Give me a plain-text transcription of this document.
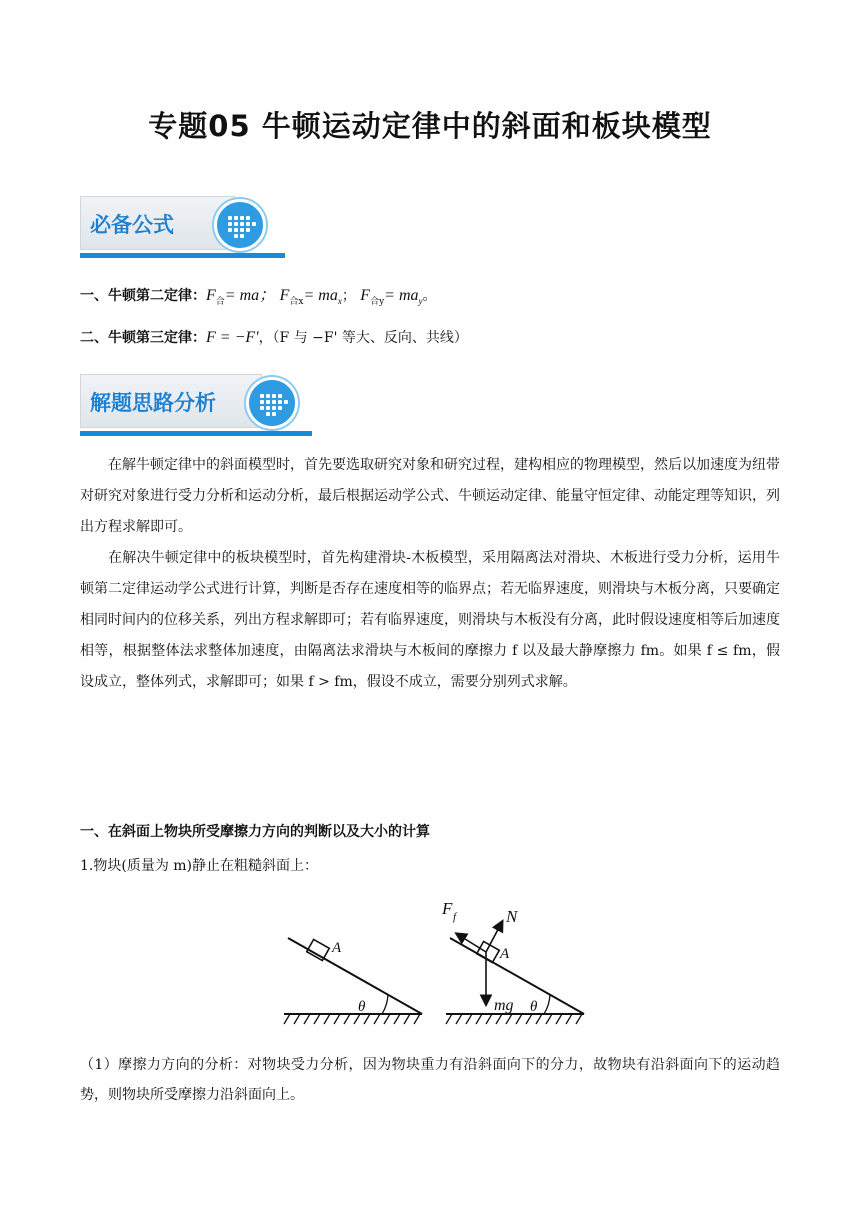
专题05 牛顿运动定律中的斜面和板块模型
必备公式
一、牛顿第二定律：$F_合=$ ma； $F_{合x}= ma_x$； $F_{合y}= ma_y$。
二、牛顿第三定律：F = −F'，（F 与 −F' 等大、反向、共线）
解题思路分析

在解牛顿定律中的斜面模型时，首先要选取研究对象和研究过程，建构相应的物理模型，然后以加速度为纽带对研究对象进行受力分析和运动分析，最后根据运动学公式、牛顿运动定律、能量守恒定律、动能定理等知识，列出方程求解即可。

在解决牛顿定律中的板块模型时，首先构建滑块-木板模型，采用隔离法对滑块、木板进行受力分析，运用牛顿第二定律运动学公式进行计算，判断是否存在速度相等的临界点；若无临界速度，则滑块与木板分离，只要确定相同时间内的位移关系，列出方程求解即可；若有临界速度，则滑块与木板没有分离，此时假设速度相等后加速度相等，根据整体法求整体加速度，由隔离法求滑块与木板间的摩擦力 f 以及最大静摩擦力 fm。如果 f ≤ fm，假设成立，整体列式，求解即可；如果 f > fm，假设不成立，需要分别列式求解。

一、在斜面上物块所受摩擦力方向的判断以及大小的计算
1.物块(质量为 m)静止在粗糙斜面上：
A
θ
F f	N
A
mg θ
（1）摩擦力方向的分析：对物块受力分析，因为物块重力有沿斜面向下的分力，故物块有沿斜面向下的运动趋势，则物块所受摩擦力沿斜面向上。
